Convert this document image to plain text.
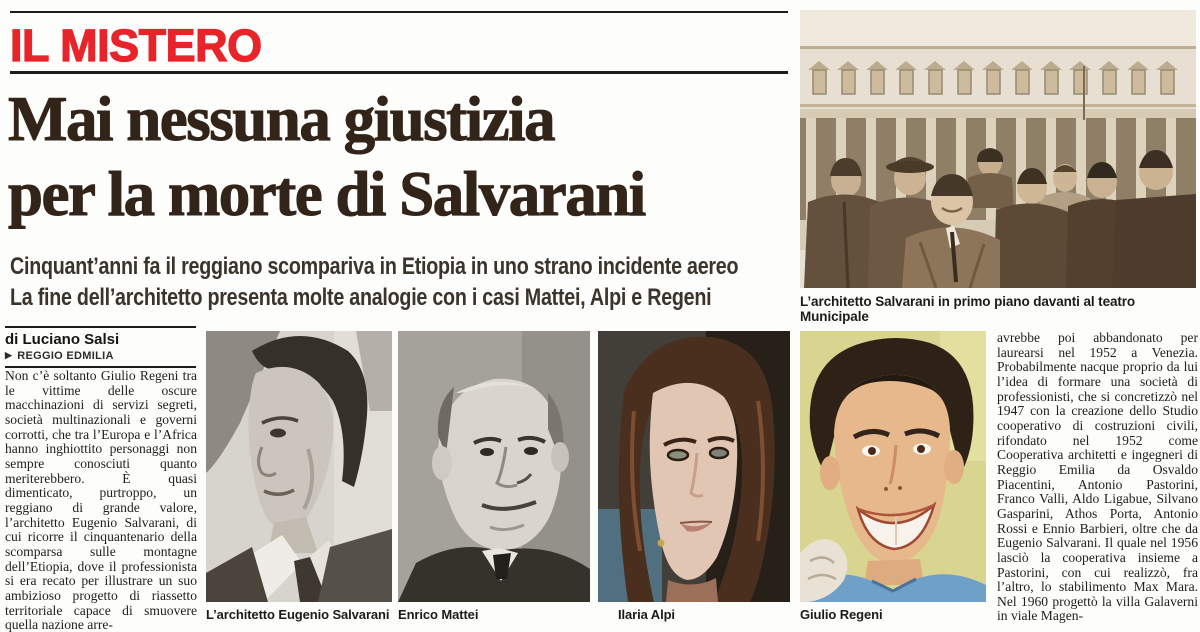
IL MISTERO
Mai nessuna giustizia
per la morte di Salvarani
Cinquant’anni fa il reggiano scompariva in Etiopia in uno strano incidente aereo
La fine dell’architetto presenta molte analogie con i casi Mattei, Alpi e Regeni
di Luciano Salsi
▶ REGGIO EDMILIA

Non c’è soltanto Giulio Regeni tra le vittime delle oscure macchinazioni di servizi segreti, società multinazionali e governi corrotti, che tra l’Europa e l’Africa hanno inghiottito personaggi non sempre conosciuti quanto meriterebbero. È quasi dimenticato, purtroppo, un reggiano di grande valore, l’architetto Eugenio Salvarani, di cui ricorre il cinquantenario della scomparsa sulle montagne dell’Etiopia, dove il professionista si era recato per illustrare un suo ambizioso progetto di riassetto territoriale capace di smuovere quella nazione arre-

avrebbe poi abbandonato per laurearsi nel 1952 a Venezia. Probabilmente nacque proprio da lui l’idea di formare una società di professionisti, che si concretizzò nel 1947 con la creazione dello Studio cooperativo di costruzioni civili, rifondato nel 1952 come Cooperativa architetti e ingegneri di Reggio Emilia da Osvaldo Piacentini, Antonio Pastorini, Franco Valli, Aldo Ligabue, Silvano Gasparini, Athos Porta, Antonio Rossi e Ennio Barbieri, oltre che da Eugenio Salvarani. Il quale nel 1956 lasciò la cooperativa insieme a Pastorini, con cui realizzò, fra l’altro, lo stabilimento Max Mara. Nel 1960 progettò la villa Galaverni in viale Magen-

L’architetto Salvarani in primo piano davanti al teatro Municipale
L’architetto Eugenio Salvarani Enrico Mattei	Ilaria Alpi	Giulio Regeni
